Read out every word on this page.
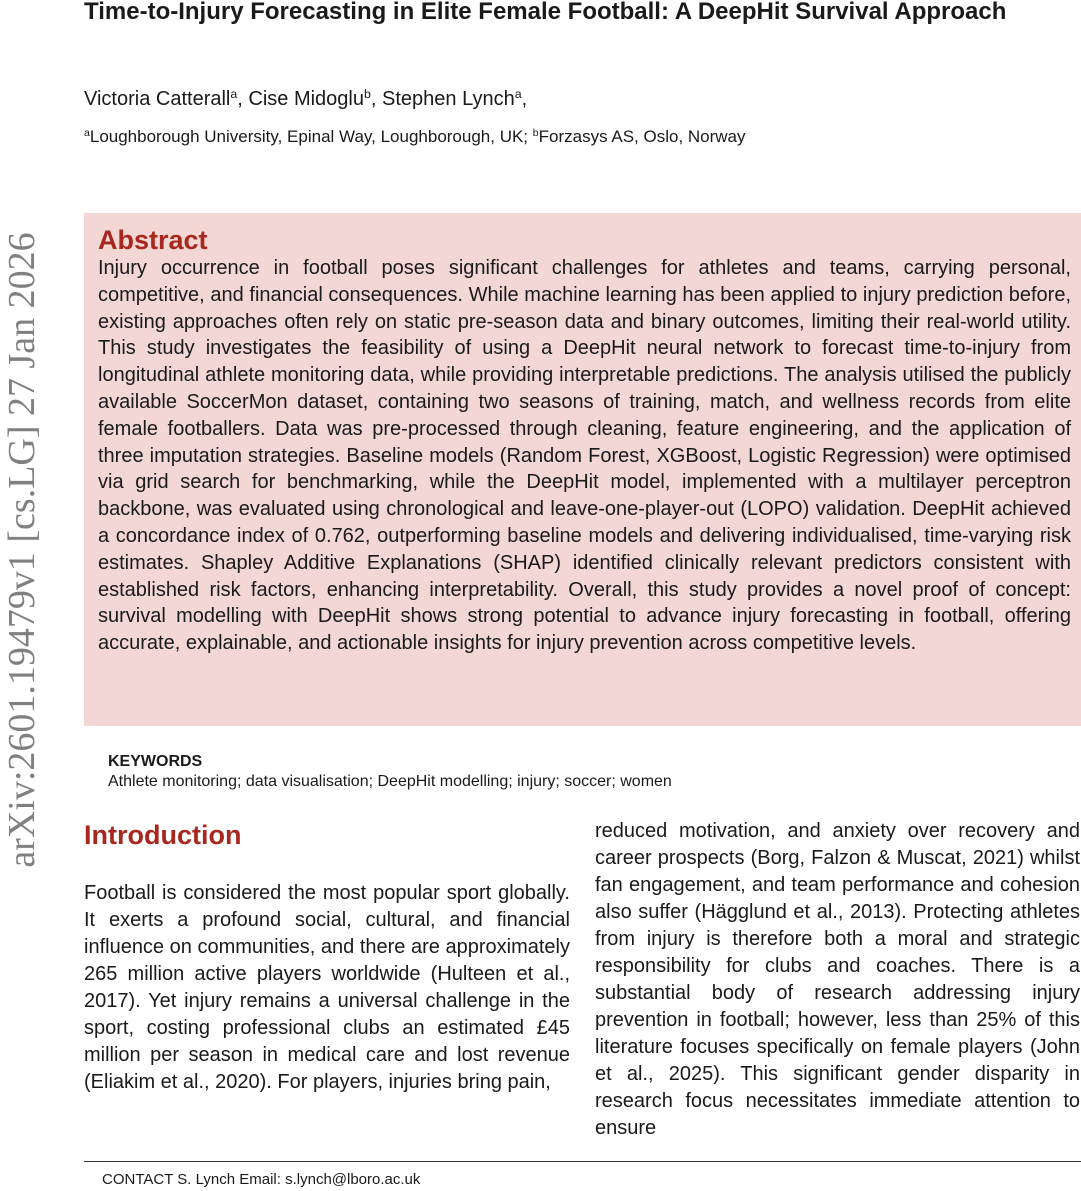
Time-to-Injury Forecasting in Elite Female Football: A DeepHit Survival Approach

Victoria Catterall$^a$, Cise Midoglu$^b$, Stephen Lynch$^a$,

$^a$Loughborough University, Epinal Way, Loughborough, UK; $^b$Forzasys AS, Oslo, Norway

arXiv:2601.19479v1 [cs.LG] 27 Jan 2026 Abstract

Injury occurrence in football poses significant challenges for athletes and teams, carrying personal, competitive, and financial consequences. While machine learning has been applied to injury prediction before, existing approaches often rely on static pre-season data and binary outcomes, limiting their real-world utility. This study investigates the feasibility of using a DeepHit neural network to forecast time-to-injury from longitudinal athlete monitoring data, while providing interpretable predictions. The analysis utilised the publicly available SoccerMon dataset, containing two seasons of training, match, and wellness records from elite female footballers. Data was pre-processed through cleaning, feature engineering, and the application of three imputation strategies. Baseline models (Random Forest, XGBoost, Logistic Regression) were optimised via grid search for benchmarking, while the DeepHit model, implemented with a multilayer perceptron backbone, was evaluated using chronological and leave-one-player-out (LOPO) validation. DeepHit achieved a concordance index of 0.762, outperforming baseline models and delivering individualised, time-varying risk estimates. Shapley Additive Explanations (SHAP) identified clinically relevant predictors consistent with established risk factors, enhancing interpretability. Overall, this study provides a novel proof of concept: survival modelling with DeepHit shows strong potential to advance injury forecasting in football, offering accurate, explainable, and actionable insights for injury prevention across competitive levels.

KEYWORDS

Athlete monitoring; data visualisation; DeepHit modelling; injury; soccer; women

Introduction

Football is considered the most popular sport globally. It exerts a profound social, cultural, and financial influence on communities, and there are approximately 265 million active players worldwide (Hulteen et al., 2017). Yet injury remains a universal challenge in the sport, costing professional clubs an estimated £45 million per season in medical care and lost revenue (Eliakim et al., 2020). For players, injuries bring pain,

reduced motivation, and anxiety over recovery and career prospects (Borg, Falzon & Muscat, 2021) whilst fan engagement, and team performance and cohesion also suffer (Hägglund et al., 2013). Protecting athletes from injury is therefore both a moral and strategic responsibility for clubs and coaches. There is a substantial body of research addressing injury prevention in football; however, less than 25% of this literature focuses specifically on female players (John et al., 2025). This significant gender disparity in research focus necessitates immediate attention to ensure

CONTACT S. Lynch Email: s.lynch@lboro.ac.uk
